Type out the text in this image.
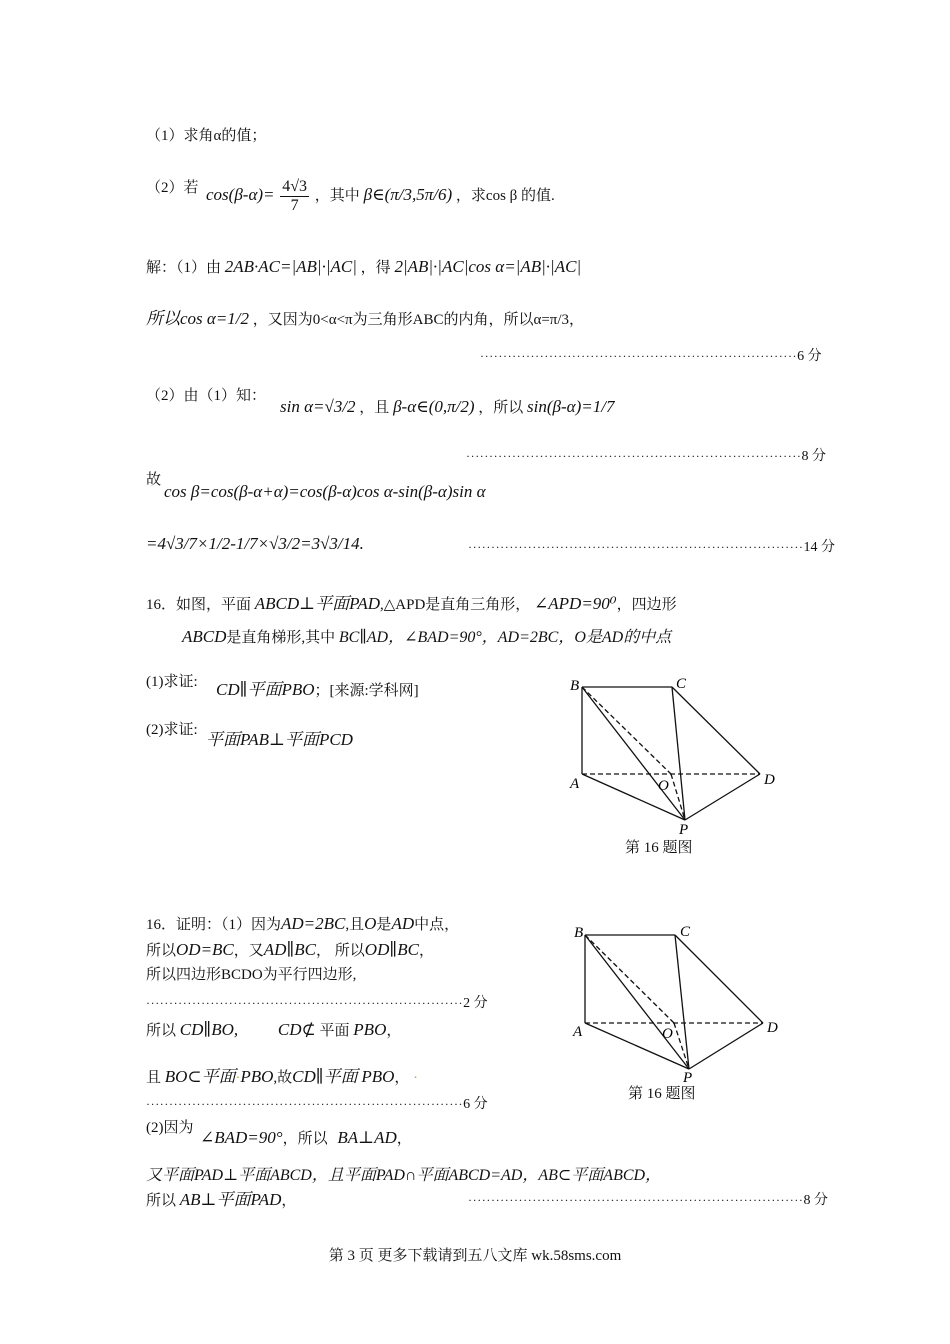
（1）求角α的值；
（2）若 $\cos(\beta-\alpha)= \frac{4√3}{7}$ ，其中 β∈(π/3,5π/6) ，求cos β 的值.
解：（1）由 2AB·AC=|AB|·|AC| ，得 2|AB|·|AC|cos α=|AB|·|AC|
所以cos α=1/2 ，又因为0<α<π为三角形ABC的内角，所以α=π/3，
·····································································6 分
（2）由（1）知：
sin α=√3/2 ，且 β-α∈(0,π/2) ，所以 sin(β-α)=1/7
·········································································8 分
故
cos β=cos(β-α+α)=cos(β-α)cos α-sin(β-α)sin α
=4√3/7×1/2-1/7×√3/2=3√3/14.	·········································································14 分
16．如图，平面 ABCD⊥平面PAD,△APD是直角三角形， ∠APD=90⁰，四边形
ABCD是直角梯形,其中 BC∥AD，∠BAD=90°，AD=2BC，O是AD的中点
(1)求证: CD∥平面PBO；[来源:学科网]
(2)求证: 平面PAB⊥平面PCD
B	C
A	O	D
P
第 16 题图
16．证明：（1）因为AD=2BC,且O是AD中点，
所以OD=BC，又AD∥BC， 所以OD∥BC，
所以四边形BCDO为平行四边形,
·····································································2 分
所以 CD∥BO, CD⊄ 平面 PBO，
且 BO⊂平面·PBO,故CD∥平面 PBO， ·
·····································································6 分
(2)因为 ∠BAD=90°，所以 BA⊥AD，
又平面PAD⊥平面ABCD，且平面PAD∩平面ABCD=AD，AB⊂平面ABCD，
所以 AB⊥平面PAD，	·········································································8 分
B	C
A	O	D
P
第 16 题图
第 3 页 更多下载请到五八文库 wk.58sms.com
